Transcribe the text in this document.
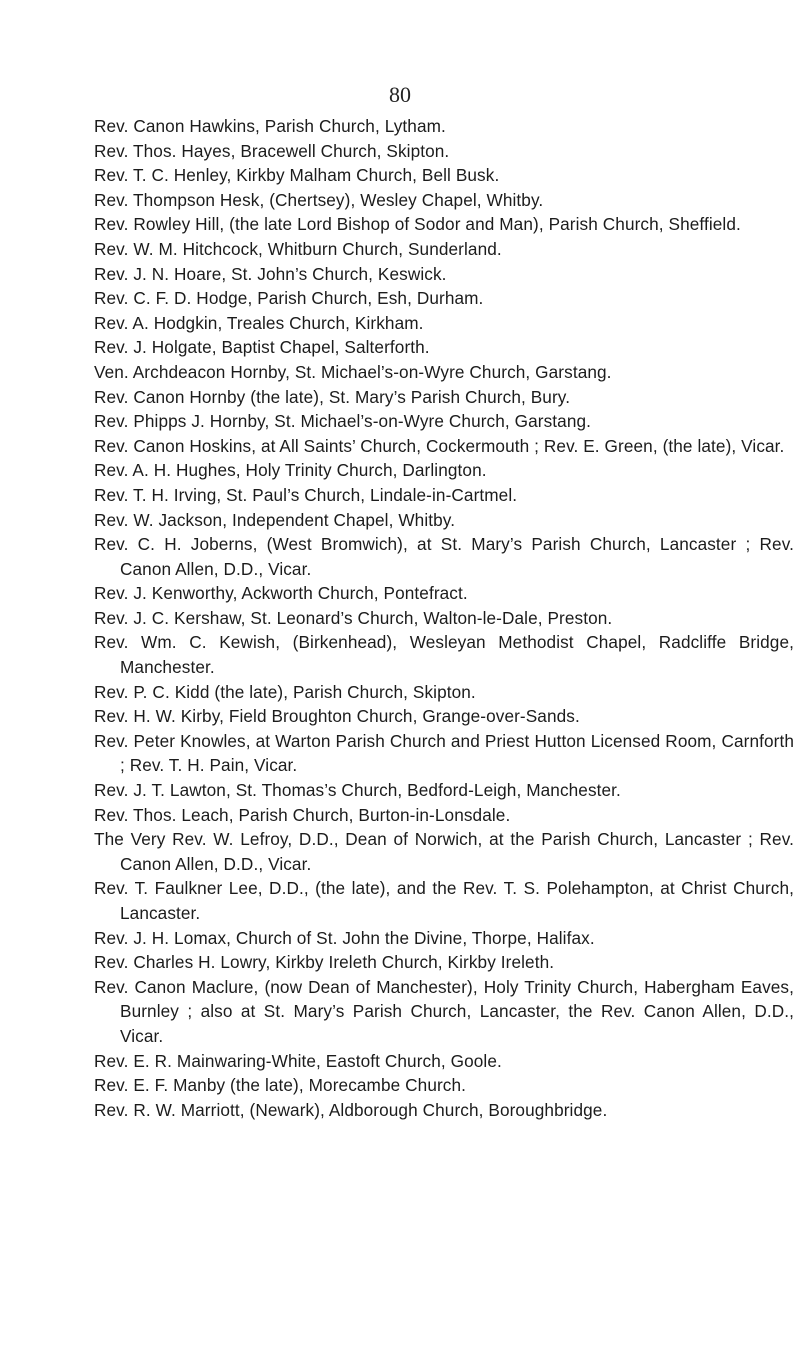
80
Rev. Canon Hawkins, Parish Church, Lytham.
Rev. Thos. Hayes, Bracewell Church, Skipton.
Rev. T. C. Henley, Kirkby Malham Church, Bell Busk.
Rev. Thompson Hesk, (Chertsey), Wesley Chapel, Whitby.
Rev. Rowley Hill, (the late Lord Bishop of Sodor and Man), Parish Church, Sheffield.
Rev. W. M. Hitchcock, Whitburn Church, Sunderland.
Rev. J. N. Hoare, St. John’s Church, Keswick.
Rev. C. F. D. Hodge, Parish Church, Esh, Durham.
Rev. A. Hodgkin, Treales Church, Kirkham.
Rev. J. Holgate, Baptist Chapel, Salterforth.
Ven. Archdeacon Hornby, St. Michael’s-on-Wyre Church, Garstang.
Rev. Canon Hornby (the late), St. Mary’s Parish Church, Bury.
Rev. Phipps J. Hornby, St. Michael’s-on-Wyre Church, Garstang.
Rev. Canon Hoskins, at All Saints’ Church, Cockermouth ; Rev. E. Green, (the late), Vicar.
Rev. A. H. Hughes, Holy Trinity Church, Darlington.
Rev. T. H. Irving, St. Paul’s Church, Lindale-in-Cartmel.
Rev. W. Jackson, Independent Chapel, Whitby.
Rev. C. H. Joberns, (West Bromwich), at St. Mary’s Parish Church, Lancaster ; Rev. Canon Allen, D.D., Vicar.
Rev. J. Kenworthy, Ackworth Church, Pontefract.
Rev. J. C. Kershaw, St. Leonard’s Church, Walton-le-Dale, Preston.
Rev. Wm. C. Kewish, (Birkenhead), Wesleyan Methodist Chapel, Radcliffe Bridge, Manchester.
Rev. P. C. Kidd (the late), Parish Church, Skipton.
Rev. H. W. Kirby, Field Broughton Church, Grange-over-Sands.
Rev. Peter Knowles, at Warton Parish Church and Priest Hutton Licensed Room, Carnforth ; Rev. T. H. Pain, Vicar.
Rev. J. T. Lawton, St. Thomas’s Church, Bedford-Leigh, Manchester.
Rev. Thos. Leach, Parish Church, Burton-in-Lonsdale.
The Very Rev. W. Lefroy, D.D., Dean of Norwich, at the Parish Church, Lancaster ; Rev. Canon Allen, D.D., Vicar.
Rev. T. Faulkner Lee, D.D., (the late), and the Rev. T. S. Polehampton, at Christ Church, Lancaster.
Rev. J. H. Lomax, Church of St. John the Divine, Thorpe, Halifax.
Rev. Charles H. Lowry, Kirkby Ireleth Church, Kirkby Ireleth.
Rev. Canon Maclure, (now Dean of Manchester), Holy Trinity Church, Habergham Eaves, Burnley ; also at St. Mary’s Parish Church, Lancaster, the Rev. Canon Allen, D.D., Vicar.
Rev. E. R. Mainwaring-White, Eastoft Church, Goole.
Rev. E. F. Manby (the late), Morecambe Church.
Rev. R. W. Marriott, (Newark), Aldborough Church, Boroughbridge.
